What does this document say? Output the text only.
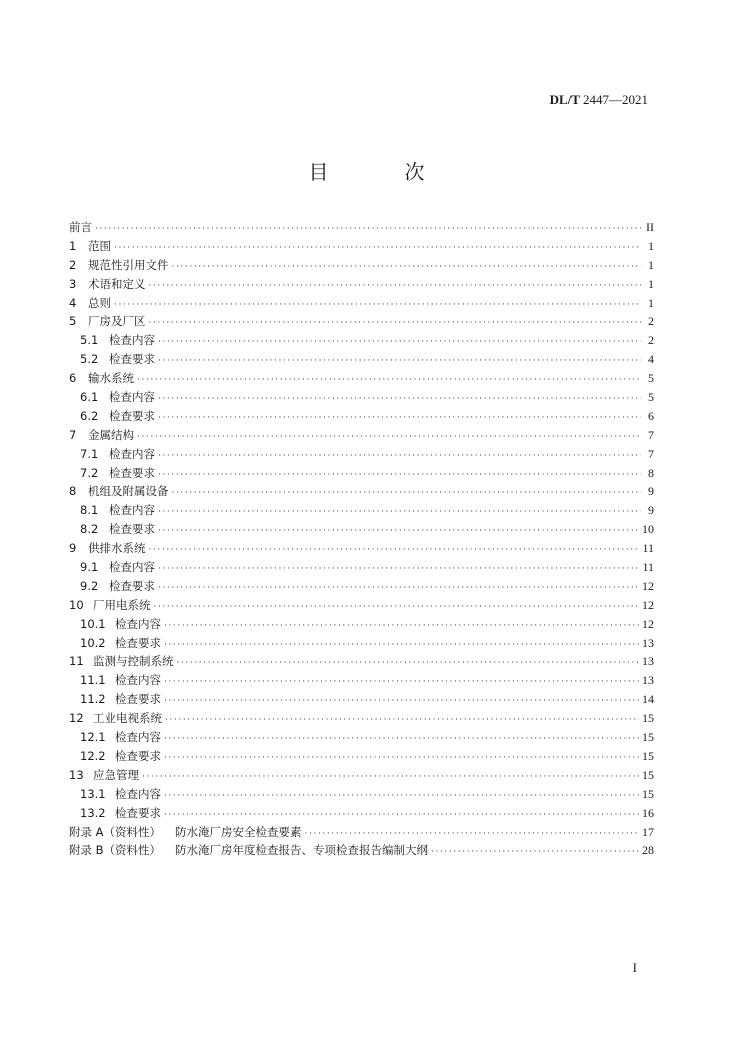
DL/T 2447—2021
目　次
前言 ·····	II
1	范围 ·····	1
2	规范性引用文件 ·····	1
3	术语和定义 ·····	1
4	总则 ·····	1
5	厂房及厂区 ·····	2
5.1 检查内容 ·····	2
5.2 检查要求 ·····	4
6	输水系统 ·····	5
6.1 检查内容 ·····	5
6.2 检查要求 ·····	6
7	金属结构 ·····	7
7.1 检查内容 ·····	7
7.2 检查要求 ·····	8
8	机组及附属设备 ·····	9
8.1 检查内容 ·····	9
8.2 检查要求 ·····	10
9	供排水系统 ·····	11
9.1 检查内容 ·····	11
9.2 检查要求 ·····	12
10 厂用电系统 ·····	12
10.1 检查内容 ·····	12
10.2 检查要求 ·····	13
11 监测与控制系统 ·····	13
11.1 检查内容 ·····	13
11.2 检查要求 ·····	14
12 工业电视系统 ·····	15
12.1 检查内容 ·····	15
12.2 检查要求 ·····	15
13 应急管理 ·····	15
13.1 检查内容 ·····	15
13.2 检查要求 ·····	16
附录 A（资料性） 防水淹厂房安全检查要素 ·····	17
附录 B（资料性） 防水淹厂房年度检查报告、专项检查报告编制大纲 ·····	28
I
